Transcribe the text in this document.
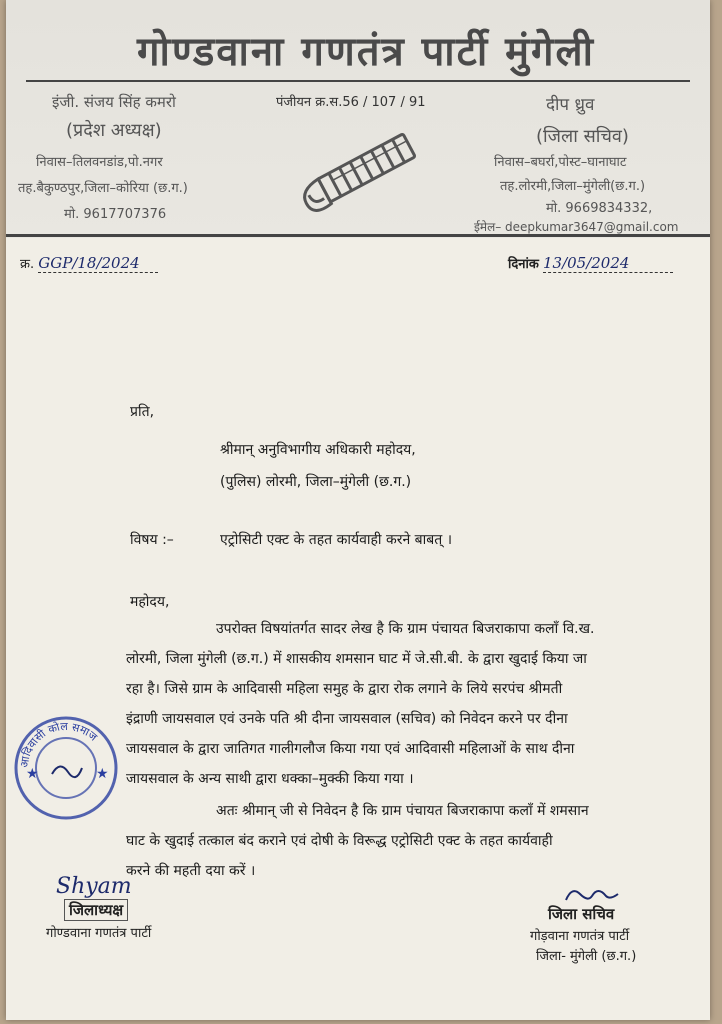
गोण्डवाना गणतंत्र पार्टी मुंगेली
इंजी. संजय सिंह कमरो
(प्रदेश अध्यक्ष)
निवास–तिलवनडांड,पो.नगर
तह.बैकुण्ठपुर,जिला–कोरिया (छ.ग.)
मो. 9617707376
पंजीयन क्र.स.56 / 107 / 91	दीप ध्रुव
(जिला सचिव)
निवास–बघर्रा,पोस्ट–घानाघाट
तह.लोरमी,जिला–मुंगेली(छ.ग.)
मो. 9669834332,
ईमेल– deepkumar3647@gmail.com
क्र. GGP/18/2024	दिनांक 13/05/2024
प्रति,
श्रीमान् अनुविभागीय अधिकारी महोदय,
(पुलिस) लोरमी, जिला–मुंगेली (छ.ग.)
विषय :–	एट्रोसिटी एक्ट के तहत कार्यवाही करने बाबत् ।
महोदय,
उपरोक्त विषयांतर्गत सादर लेख है कि ग्राम पंचायत बिजराकापा कलॉं वि.ख.
लोरमी, जिला मुंगेली (छ.ग.) में शासकीय शमसान घाट में जे.सी.बी. के द्वारा खुदाई किया जा
रहा है। जिसे ग्राम के आदिवासी महिला समुह के द्वारा रोक लगाने के लिये सरपंच श्रीमती
इंद्राणी जायसवाल एवं उनके पति श्री दीना जायसवाल (सचिव) को निवेदन करने पर दीना
जायसवाल के द्वारा जातिगत गालीगलौज किया गया एवं आदिवासी महिलाओं के साथ दीना
जायसवाल के अन्य साथी द्वारा धक्का–मुक्की किया गया ।
अतः श्रीमान् जी से निवेदन है कि ग्राम पंचायत बिजराकापा कलॉं में शमसान
घाट के खुदाई तत्काल बंद कराने एवं दोषी के विरूद्ध एट्रोसिटी एक्ट के तहत कार्यवाही
करने की महती दया करें ।
आदिवासी कोल समाज
★	★
Shyam
जिलाध्यक्ष
गोण्डवाना गणतंत्र पार्टी
जिला सचिव
गोड़वाना गणतंत्र पार्टी
जिला- मुंगेली (छ.ग.)
